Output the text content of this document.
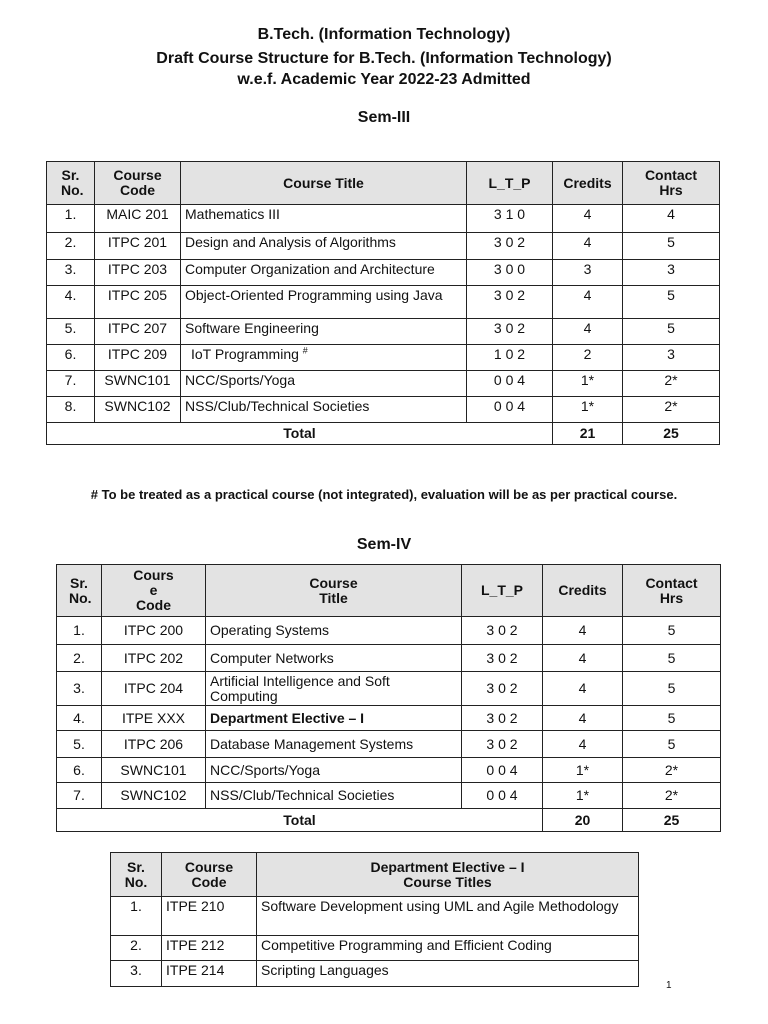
B.Tech. (Information Technology)
Draft Course Structure for B.Tech. (Information Technology)
w.e.f. Academic Year 2022-23 Admitted
Sem-III
Sr. No.	Course Code	Course Title	L_T_P	Credits	Contact Hrs
1.	MAIC 201	Mathematics III	3 1 0	4	4
2.	ITPC 201	Design and Analysis of Algorithms	3 0 2	4	5
3.	ITPC 203	Computer Organization and Architecture	3 0 0	3	3
4.	ITPC 205	Object-Oriented Programming using Java	3 0 2	4	5
5.	ITPC 207	Software Engineering	3 0 2	4	5
6.	ITPC 209	IoT Programming #	1 0 2	2	3
7.	SWNC101	NCC/Sports/Yoga	0 0 4	1*	2*
8.	SWNC102	NSS/Club/Technical Societies	0 0 4	1*	2*
Total				21	25
# To be treated as a practical course (not integrated), evaluation will be as per practical course.
Sem-IV
Sr. No.	Cours e Code	Course Title	L_T_P	Credits	Contact Hrs
1.	ITPC 200	Operating Systems	3 0 2	4	5
2.	ITPC 202	Computer Networks	3 0 2	4	5
3.	ITPC 204	Artificial Intelligence and Soft Computing	3 0 2	4	5
4.	ITPE XXX	Department Elective – I	3 0 2	4	5
5.	ITPC 206	Database Management Systems	3 0 2	4	5
6.	SWNC101	NCC/Sports/Yoga	0 0 4	1*	2*
7.	SWNC102	NSS/Club/Technical Societies	0 0 4	1*	2*
Total				20	25
Sr. No.	Course Code	Department Elective – I Course Titles
1.	ITPE 210	Software Development using UML and Agile Methodology
2.	ITPE 212	Competitive Programming and Efficient Coding
3.	ITPE 214	Scripting Languages
1
